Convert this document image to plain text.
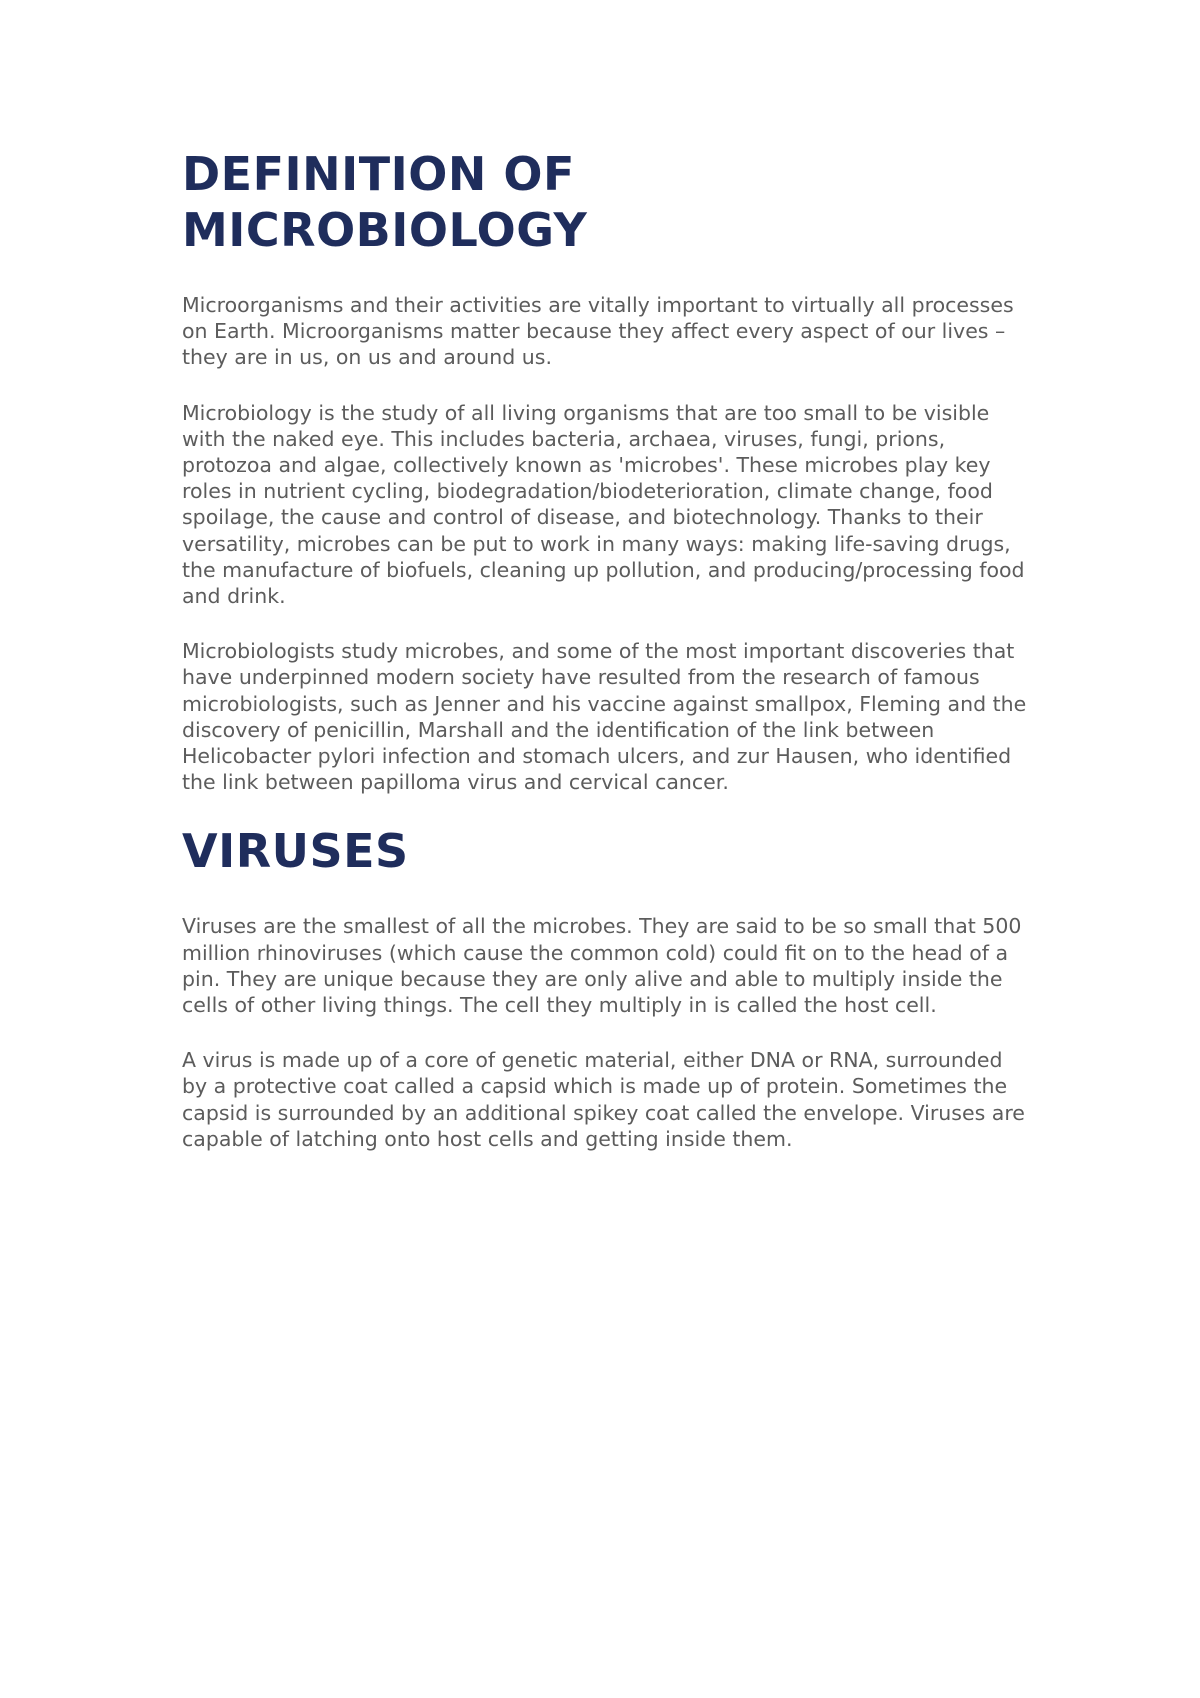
DEFINITION OF
MICROBIOLOGY

Microorganisms and their activities are vitally important to virtually all processes on Earth. Microorganisms matter because they affect every aspect of our lives – they are in us, on us and around us.

Microbiology is the study of all living organisms that are too small to be visible with the naked eye. This includes bacteria, archaea, viruses, fungi, prions, protozoa and algae, collectively known as 'microbes'. These microbes play key roles in nutrient cycling, biodegradation/biodeterioration, climate change, food spoilage, the cause and control of disease, and biotechnology. Thanks to their versatility, microbes can be put to work in many ways: making life-saving drugs, the manufacture of biofuels, cleaning up pollution, and producing/processing food and drink.

Microbiologists study microbes, and some of the most important discoveries that have underpinned modern society have resulted from the research of famous microbiologists, such as Jenner and his vaccine against smallpox, Fleming and the discovery of penicillin, Marshall and the identification of the link between Helicobacter pylori infection and stomach ulcers, and zur Hausen, who identified the link between papilloma virus and cervical cancer.

VIRUSES

Viruses are the smallest of all the microbes. They are said to be so small that 500 million rhinoviruses (which cause the common cold) could fit on to the head of a pin. They are unique because they are only alive and able to multiply inside the cells of other living things. The cell they multiply in is called the host cell.

A virus is made up of a core of genetic material, either DNA or RNA, surrounded by a protective coat called a capsid which is made up of protein. Sometimes the capsid is surrounded by an additional spikey coat called the envelope. Viruses are capable of latching onto host cells and getting inside them.
